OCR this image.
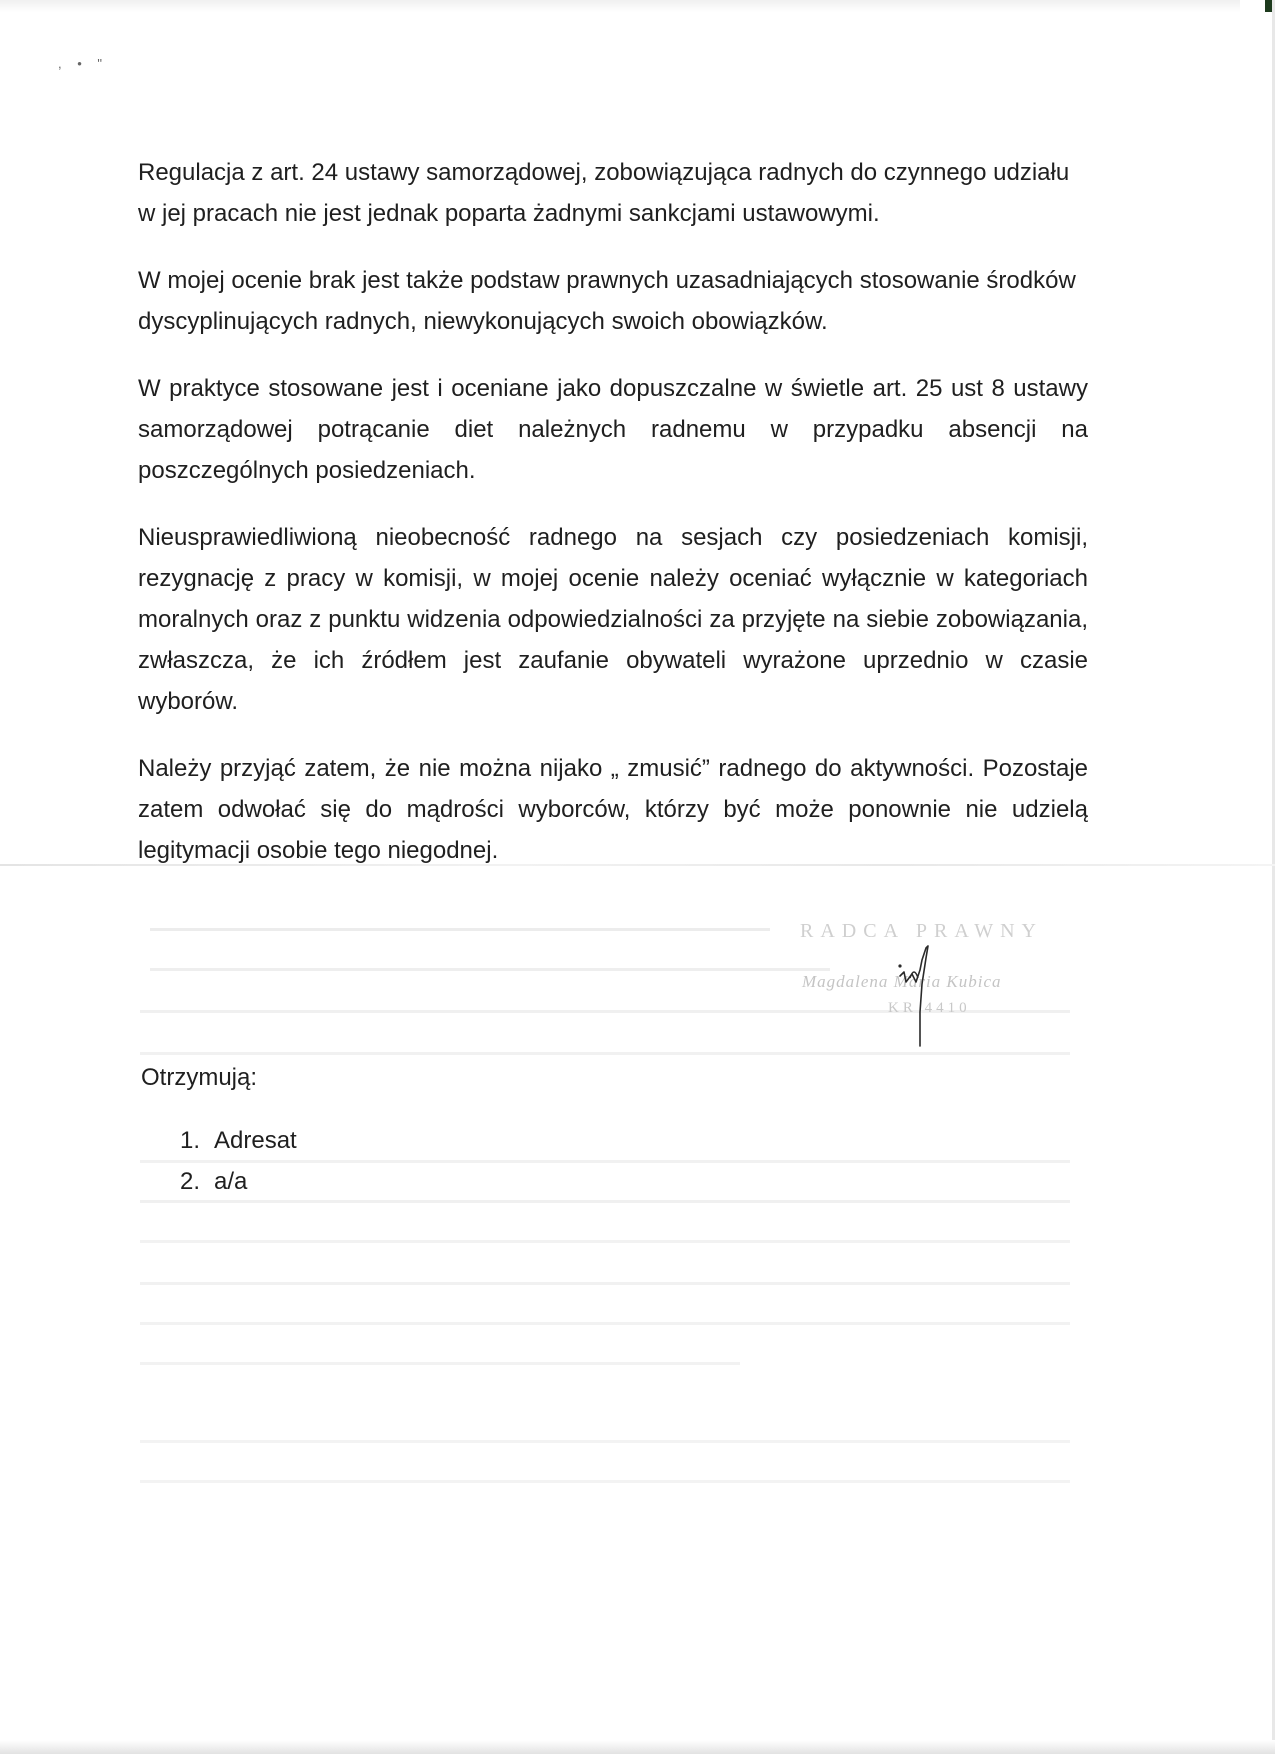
, • "

Regulacja z art. 24 ustawy samorządowej, zobowiązująca radnych do czynnego udziału w jej pracach nie jest jednak poparta żadnymi sankcjami ustawowymi.

W mojej ocenie brak jest także podstaw prawnych uzasadniających stosowanie środków dyscyplinujących radnych, niewykonujących swoich obowiązków.

W praktyce stosowane jest i oceniane jako dopuszczalne w świetle art. 25 ust 8 ustawy samorządowej potrącanie diet należnych radnemu w przypadku absencji na poszczególnych posiedzeniach.

Nieusprawiedliwioną nieobecność radnego na sesjach czy posiedzeniach komisji, rezygnację z pracy w komisji, w mojej ocenie należy oceniać wyłącznie w kategoriach moralnych oraz z punktu widzenia odpowiedzialności za przyjęte na siebie zobowiązania, zwłaszcza, że ich źródłem jest zaufanie obywateli wyrażone uprzednio w czasie wyborów.

Należy przyjąć zatem, że nie można nijako „ zmusić” radnego do aktywności. Pozostaje zatem odwołać się do mądrości wyborców, którzy być może ponownie nie udzielą legitymacji osobie tego niegodnej.

RADCA PRAWNY
Magdalena Maria Kubica
KR 4410
Otrzymują:
1. Adresat
2. a/a
